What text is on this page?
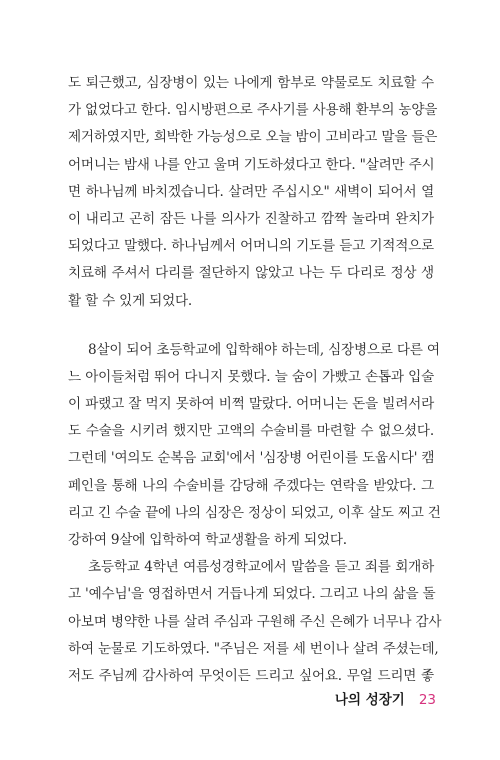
도 퇴근했고, 심장병이 있는 나에게 함부로 약물로도 치료할 수
가 없었다고 한다. 임시방편으로 주사기를 사용해 환부의 농양을
제거하였지만, 희박한 가능성으로 오늘 밤이 고비라고 말을 들은
어머니는 밤새 나를 안고 울며 기도하셨다고 한다. "살려만 주시
면 하나님께 바치겠습니다. 살려만 주십시오" 새벽이 되어서 열
이 내리고 곤히 잠든 나를 의사가 진찰하고 깜짝 놀라며 완치가
되었다고 말했다. 하나님께서 어머니의 기도를 듣고 기적적으로
치료해 주셔서 다리를 절단하지 않았고 나는 두 다리로 정상 생
활 할 수 있게 되었다.
8살이 되어 초등학교에 입학해야 하는데, 심장병으로 다른 여
느 아이들처럼 뛰어 다니지 못했다. 늘 숨이 가빴고 손톱과 입술
이 파랬고 잘 먹지 못하여 비쩍 말랐다. 어머니는 돈을 빌려서라
도 수술을 시키려 했지만 고액의 수술비를 마련할 수 없으셨다.
그런데 '여의도 순복음 교회'에서 '심장병 어린이를 도웁시다' 캠
페인을 통해 나의 수술비를 감당해 주겠다는 연락을 받았다. 그
리고 긴 수술 끝에 나의 심장은 정상이 되었고, 이후 살도 찌고 건
강하여 9살에 입학하여 학교생활을 하게 되었다.
초등학교 4학년 여름성경학교에서 말씀을 듣고 죄를 회개하
고 '예수님'을 영접하면서 거듭나게 되었다. 그리고 나의 삶을 돌
아보며 병약한 나를 살려 주심과 구원해 주신 은혜가 너무나 감사
하여 눈물로 기도하였다. "주님은 저를 세 번이나 살려 주셨는데,
저도 주님께 감사하여 무엇이든 드리고 싶어요. 무얼 드리면 좋
나의 성장기 23
